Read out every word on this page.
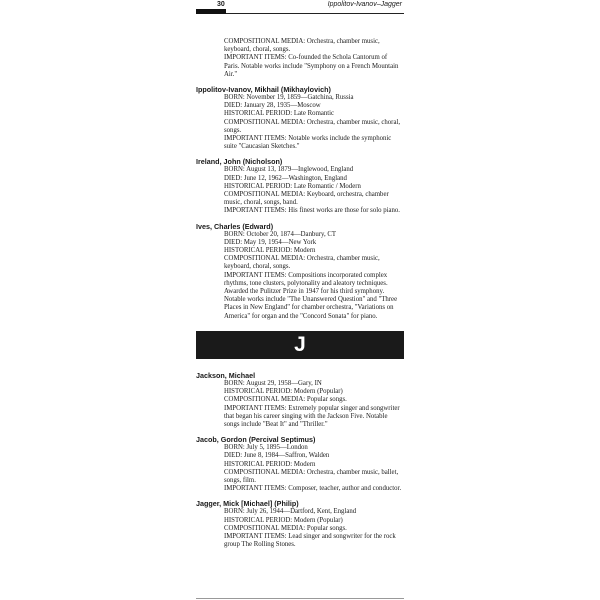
30	Ippolitov-Ivanov–Jagger

COMPOSITIONAL MEDIA: Orchestra, chamber music, keyboard, choral, songs.

IMPORTANT ITEMS: Co-founded the Schola Cantorum of Paris. Notable works include "Symphony on a French Mountain Air."

Ippolitov-Ivanov, Mikhail (Mikhaylovich)

BORN: November 19, 1859—Gatchina, Russia

DIED: January 28, 1935—Moscow

HISTORICAL PERIOD: Late Romantic

COMPOSITIONAL MEDIA: Orchestra, chamber music, choral, songs.

IMPORTANT ITEMS: Notable works include the symphonic suite "Caucasian Sketches."

Ireland, John (Nicholson)

BORN: August 13, 1879—Inglewood, England

DIED: June 12, 1962—Washington, England

HISTORICAL PERIOD: Late Romantic / Modern

COMPOSITIONAL MEDIA: Keyboard, orchestra, chamber music, choral, songs, band.

IMPORTANT ITEMS: His finest works are those for solo piano.

Ives, Charles (Edward)

BORN: October 20, 1874—Danbury, CT

DIED: May 19, 1954—New York

HISTORICAL PERIOD: Modern

COMPOSITIONAL MEDIA: Orchestra, chamber music, keyboard, choral, songs.

IMPORTANT ITEMS: Compositions incorporated complex rhythms, tone clusters, polytonality and aleatory techniques. Awarded the Pulitzer Prize in 1947 for his third symphony. Notable works include "The Unanswered Question" and "Three Places in New England" for chamber orchestra, "Variations on America" for organ and the "Concord Sonata" for piano.

J

Jackson, Michael

BORN: August 29, 1958—Gary, IN

HISTORICAL PERIOD: Modern (Popular)

COMPOSITIONAL MEDIA: Popular songs.

IMPORTANT ITEMS: Extremely popular singer and songwriter that began his career singing with the Jackson Five. Notable songs include "Beat It" and "Thriller."

Jacob, Gordon (Percival Septimus)

BORN: July 5, 1895—London

DIED: June 8, 1984—Saffron, Walden

HISTORICAL PERIOD: Modern

COMPOSITIONAL MEDIA: Orchestra, chamber music, ballet, songs, film.

IMPORTANT ITEMS: Composer, teacher, author and conductor.

Jagger, Mick [Michael] (Philip)

BORN: July 26, 1944—Dartford, Kent, England

HISTORICAL PERIOD: Modern (Popular)

COMPOSITIONAL MEDIA: Popular songs.

IMPORTANT ITEMS: Lead singer and songwriter for the rock group The Rolling Stones.
